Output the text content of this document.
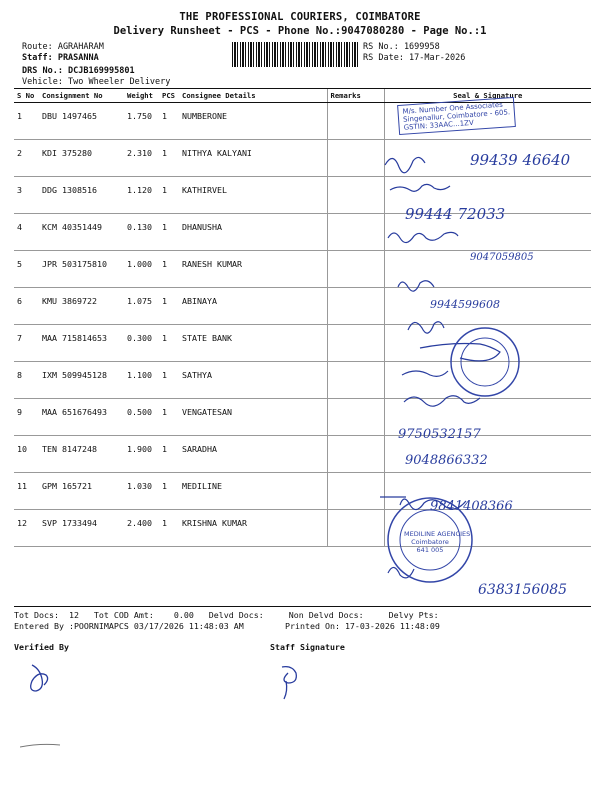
THE PROFESSIONAL COURIERS, COIMBATORE
Delivery Runsheet - PCS - Phone No.:9047080280 - Page No.:1
Route: AGRAHARAM
Staff: PRASANNA
DRS No.: DCJB169995801
Vehicle: Two Wheeler Delivery
RS No.: 1699958
RS Date: 17-Mar-2026
S No	Consignment No	Weight	PCS	Consignee Details	Remarks	Seal & Signature
1	DBU 1497465	1.750	1	NUMBERONE		
2	KDI 375280	2.310	1	NITHYA KALYANI		
3	DDG 1308516	1.120	1	KATHIRVEL		
4	KCM 40351449	0.130	1	DHANUSHA		
5	JPR 503175810	1.000	1	RANESH KUMAR		
6	KMU 3869722	1.075	1	ABINAYA		
7	MAA 715814653	0.300	1	STATE BANK		
8	IXM 509945128	1.100	1	SATHYA		
9	MAA 651676493	0.500	1	VENGATESAN		
10	TEN 8147248	1.900	1	SARADHA		
11	GPM 165721	1.030	1	MEDILINE		
12	SVP 1733494	2.400	1	KRISHNA KUMAR		
M/s. Number One Associates
Singenallur, Coimbatore - 605.
GSTIN: 33AAC...1ZV
99439 46640
99444 72033
9047059805
9944599608
9750532157
9048866332
9841408366
6383156085
MEDILINE AGENCIES
Coimbatore
641 005
Tot Docs:  12   Tot COD Amt:    0.00   Delvd Docs:     Non Delvd Docs:     Delvy Pts:
Entered By :POORNIMAPCS 03/17/2026 11:48:03 AM	Printed On: 17-03-2026 11:48:09
Verified By	Staff Signature
